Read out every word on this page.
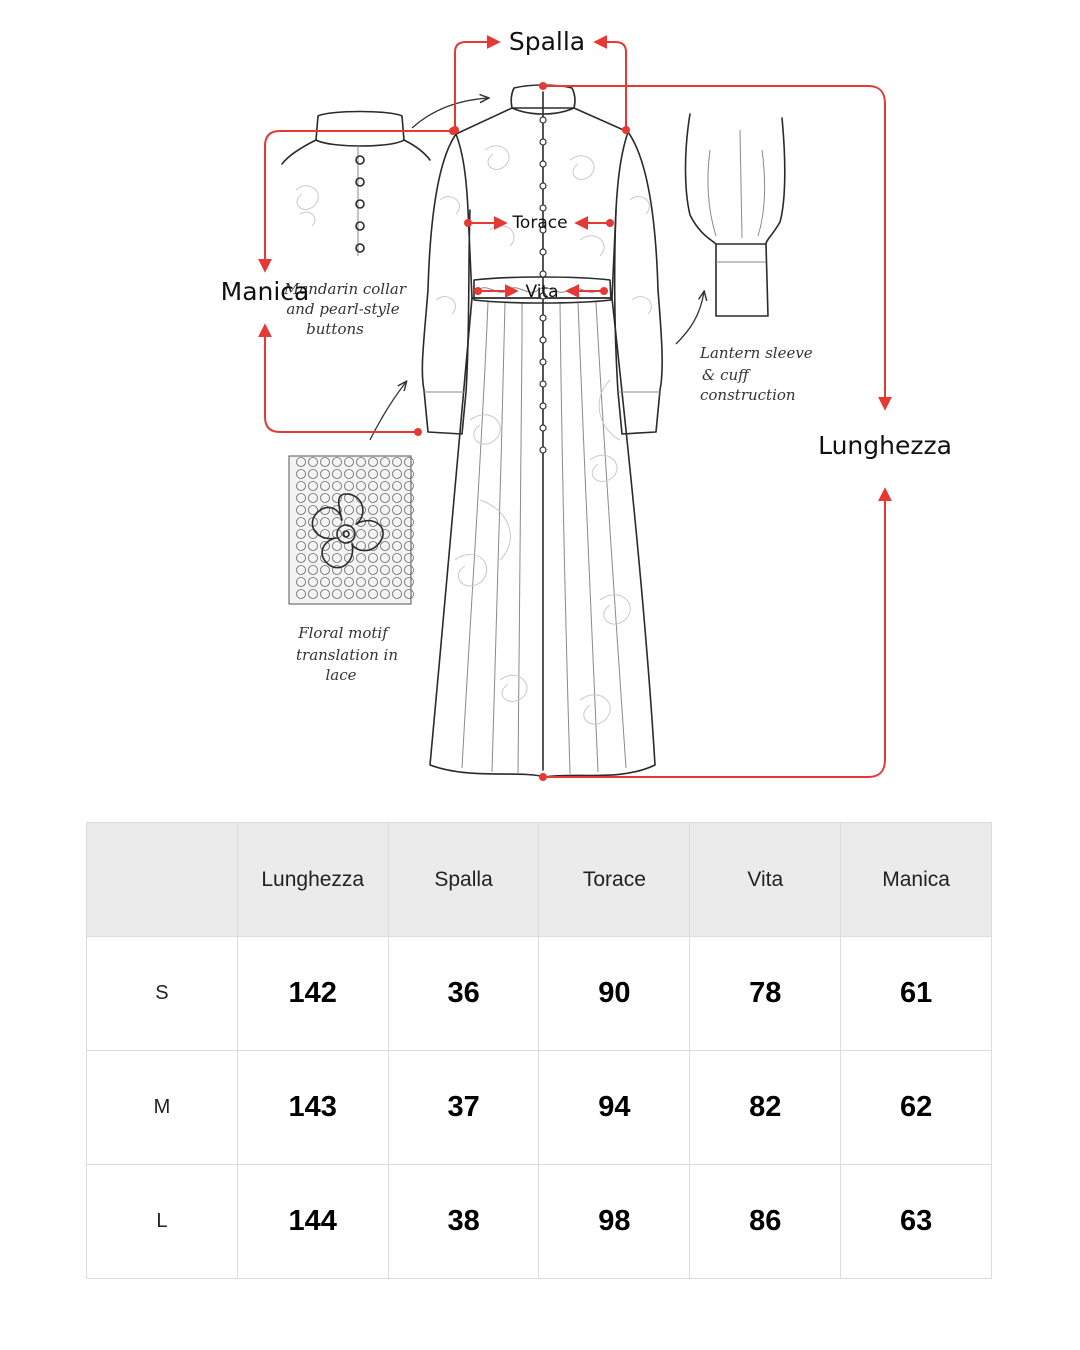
Mandarin collar
and pearl-style
buttons
Lantern sleeve
& cuff
construction
Floral motif
translation in
lace
Spalla
Torace
Vita
Manica
Lunghezza
	Lunghezza	Spalla	Torace	Vita	Manica
S	142	36	90	78	61
M	143	37	94	82	62
L	144	38	98	86	63
